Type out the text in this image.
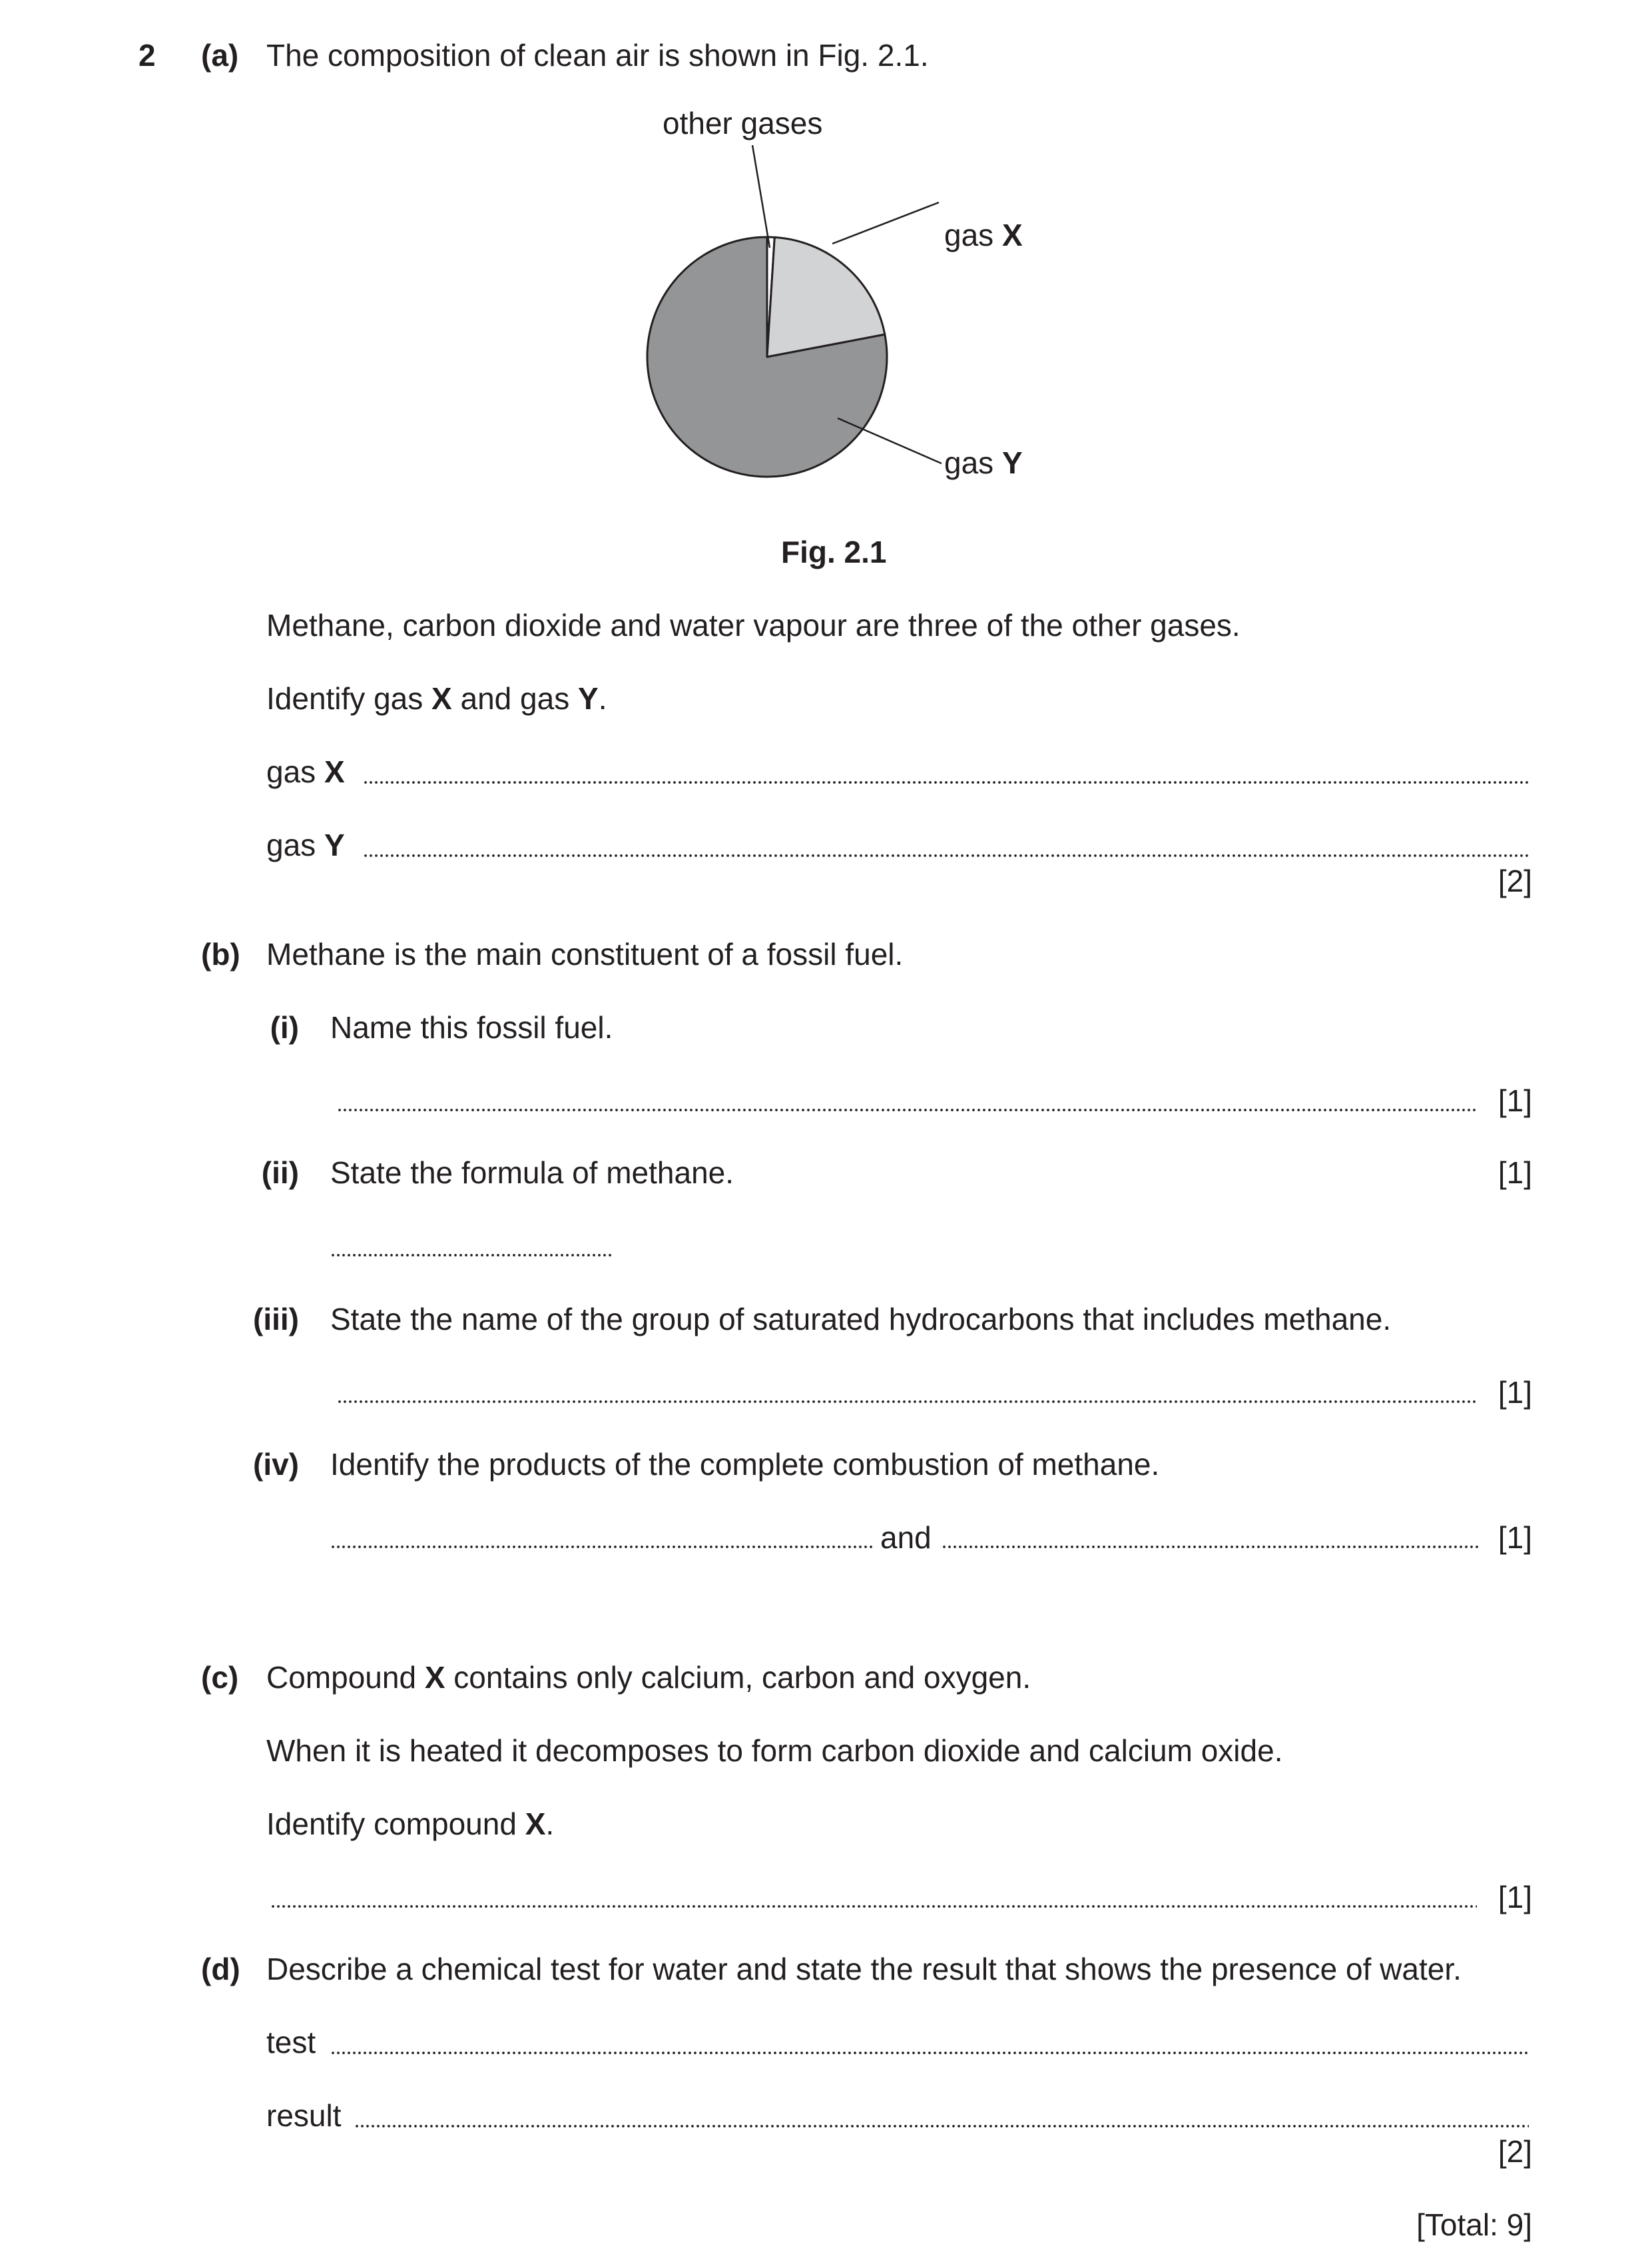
2 (a) The composition of clean air is shown in Fig. 2.1.
other gases
gas X
gas Y
Fig. 2.1
Methane, carbon dioxide and water vapour are three of the other gases.
Identify gas X and gas Y.
gas X
gas Y
[2]
(b) Methane is the main constituent of a fossil fuel.
(i) Name this fossil fuel.
[1]
(ii) State the formula of methane.	[1]
(iii) State the name of the group of saturated hydrocarbons that includes methane.
[1]
(iv) Identify the products of the complete combustion of methane.
and	[1]
(c) Compound X contains only calcium, carbon and oxygen.
When it is heated it decomposes to form carbon dioxide and calcium oxide.
Identify compound X.
[1]
(d) Describe a chemical test for water and state the result that shows the presence of water.
test
result
[2]
[Total: 9]
